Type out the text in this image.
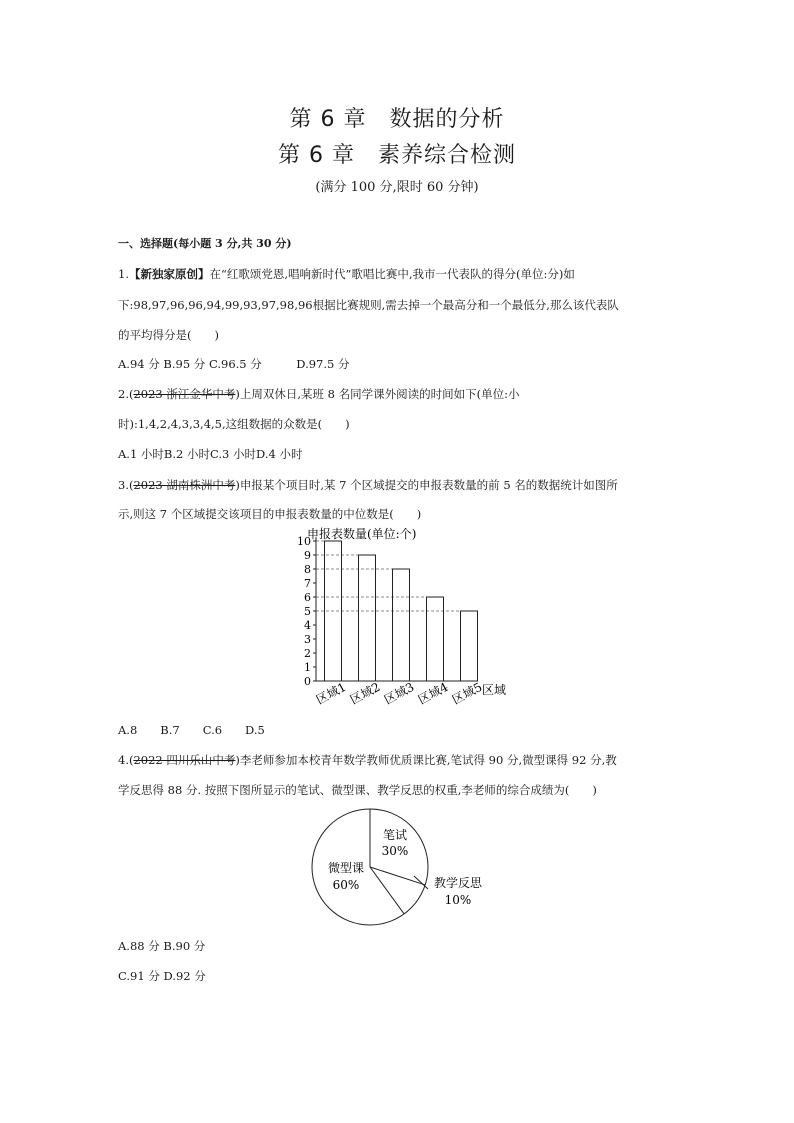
第 6 章　数据的分析
第 6 章　素养综合检测
(满分 100 分,限时 60 分钟)
一、选择题(每小题 3 分,共 30 分)
1.【新独家原创】在“红歌颂党恩,唱响新时代”歌唱比赛中,我市一代表队的得分(单位:分)如
下:98,97,96,96,94,99,93,97,98,96根据比赛规则,需去掉一个最高分和一个最低分,那么该代表队
的平均得分是(　　)
A.94 分 B.95 分 C.96.5 分　　　D.97.5 分
2.(2023 浙江金华中考)上周双休日,某班 8 名同学课外阅读的时间如下(单位:小
时):1,4,2,4,3,3,4,5,这组数据的众数是(　　)
A.1 小时B.2 小时C.3 小时D.4 小时
3.(2023 湖南株洲中考)申报某个项目时,某 7 个区域提交的申报表数量的前 5 名的数据统计如图所
示,则这 7 个区域提交该项目的申报表数量的中位数是(　　)
申报表数量(单位:个)
区域
0
1
2
3
4
5
6
7
8
9
10
区域1 区域2 区域3 区域4 区域5
A.8　　B.7　　C.6　　D.5
4.(2022 四川乐山中考)李老师参加本校青年数学教师优质课比赛,笔试得 90 分,微型课得 92 分,教
学反思得 88 分. 按照下图所显示的笔试、微型课、教学反思的权重,李老师的综合成绩为(　　)
笔试
30%
微型课
60%	教学反思
10%
A.88 分 B.90 分
C.91 分 D.92 分
